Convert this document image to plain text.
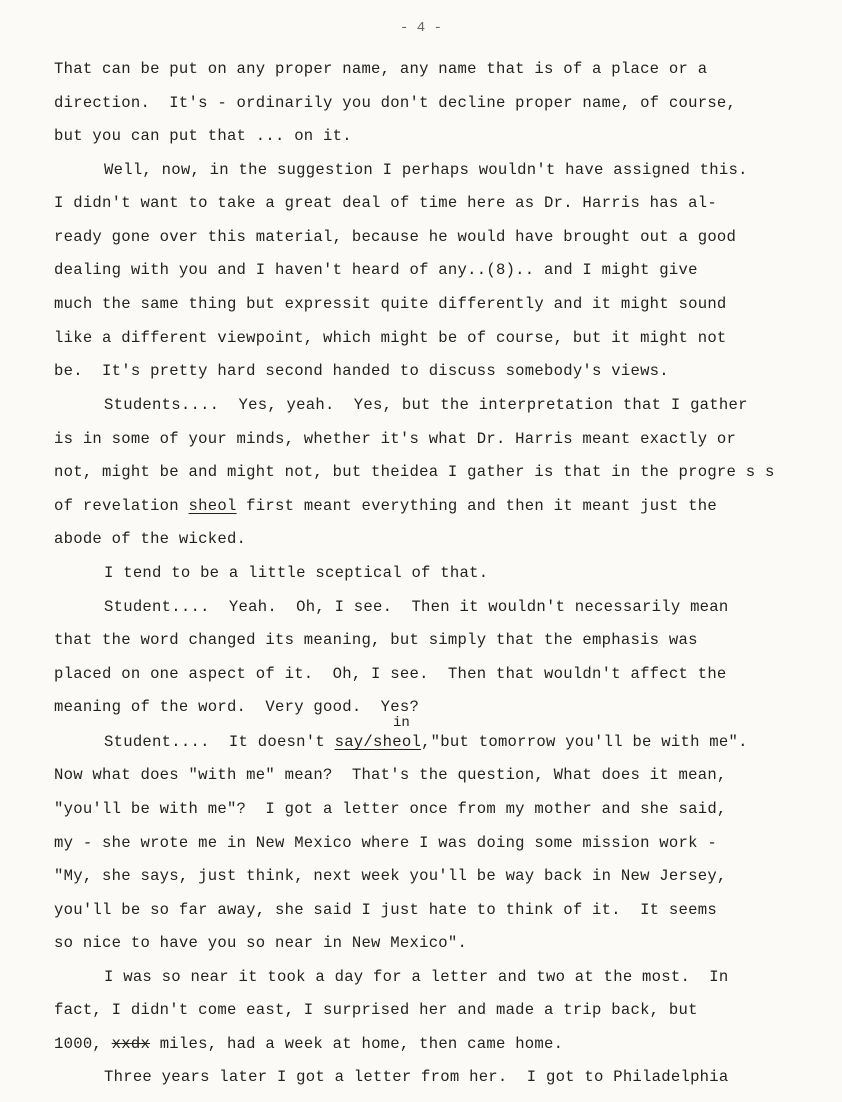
- 4 -

That can be put on any proper name, any name that is of a place or a

direction.  It's - ordinarily you don't decline proper name, of course,

but you can put that ... on it.

Well, now, in the suggestion I perhaps wouldn't have assigned this.

I didn't want to take a great deal of time here as Dr. Harris has al-

ready gone over this material, because he would have brought out a good

dealing with you and I haven't heard of any..(8).. and I might give

much the same thing but expressit quite differently and it might sound

like a different viewpoint, which might be of course, but it might not

be.  It's pretty hard second handed to discuss somebody's views.

Students....  Yes, yeah.  Yes, but the interpretation that I gather

is in some of your minds, whether it's what Dr. Harris meant exactly or

not, might be and might not, but theidea I gather is that in the progre s s

of revelation sheol first meant everything and then it meant just the

abode of the wicked.

I tend to be a little sceptical of that.

Student....  Yeah.  Oh, I see.  Then it wouldn't necessarily mean

that the word changed its meaning, but simply that the emphasis was

placed on one aspect of it.  Oh, I see.  Then that wouldn't affect the

meaning of the word.  Very good.  Yes?

in

Student....  It doesn't say/sheol,"but tomorrow you'll be with me".

Now what does "with me" mean?  That's the question, What does it mean,

"you'll be with me"?  I got a letter once from my mother and she said,

my - she wrote me in New Mexico where I was doing some mission work -

"My, she says, just think, next week you'll be way back in New Jersey,

you'll be so far away, she said I just hate to think of it.  It seems

so nice to have you so near in New Mexico".

I was so near it took a day for a letter and two at the most.  In

fact, I didn't come east, I surprised her and made a trip back, but

1000, xxdx miles, had a week at home, then came home.

Three years later I got a letter from her.  I got to Philadelphia
